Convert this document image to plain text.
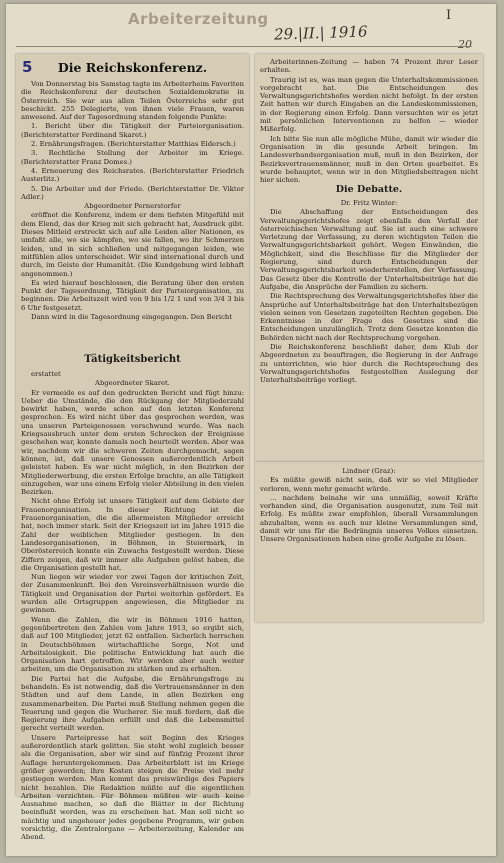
Arbeiterzeitung
29.|II.| 1916
I
20
5	Die Reichskonferenz.

Von Donnerstag bis Samstag tagte im Arbeiterheim Favoriten die Reichskonferenz der deutschen Sozialdemokratie in Österreich. Sie war aus allen Teilen Österreichs sehr gut beschickt. 255 Delegierte, von ihnen viele Frauen, waren anwesend. Auf der Tagesordnung standen folgende Punkte:

1. Bericht über die Tätigkeit der Parteiorganisation. (Berichterstatter Ferdinand Skaret.)

2. Ernährungsfragen. (Berichterstatter Matthias Eldersch.)

3. Rechtliche Stellung der Arbeiter im Kriege. (Berichterstatter Franz Domes.)

4. Erneuerung des Reichsrates. (Berichterstatter Friedrich Austerlitz.)

5. Die Arbeiter und der Friede. (Berichterstatter Dr. Viktor Adler.)

Abgeordneter Pernerstorfer

eröffnet die Konferenz, indem er dem tiefsten Mitgefühl mit dem Elend, das der Krieg mit sich gebracht hat, Ausdruck gibt. Dieses Mitleid erstreckt sich auf alle Leiden aller Nationen, es umfaßt alle, wo sie kämpfen, wo sie fallen, wo ihr Schmerzen leiden, und in sich schließen und mitgegangen leiden, wie mitfühlen alles unterscheidet. Wir sind international durch und durch, im Geiste der Humanität. (Die Kundgebung wird lebhaft angenommen.)

Es wird hierauf beschlossen, die Beratung über den ersten Punkt der Tagesordnung, Tätigkeit der Parteiorganisation, zu beginnen. Die Arbeitszeit wird von 9 bis 1/2 1 und von 3/4 3 bis 6 Uhr festgesetzt.

Dann wird in die Tagesordnung eingegangen. Den Bericht

Tätigkeitsbericht

erstattet

Abgeordneter Skaret.

Er vermeide es auf den gedruckten Bericht und fügt hinzu: Ueber die Umstände, die den Rückgang der Mitgliederzahl bewirkt haben, werde schon auf den letzten Konferenz gesprochen. Es wird nicht über das gesprochen werden, was uns unseren Parteigenossen verschwund wurde. Was nach Kriegsausbruch unter dem ersten Schrecken der Ereignisse geschehen war, konnte damals noch beurteilt werden. Aber was wir, nachdem wir die schweren Zeiten durchgemacht, sagen können, ist, daß unsere Genossen außerordentlich Arbeit geleistet haben. Es war nicht möglich, in den Bezirken der Mitgliederwerbung, die ersten Erfolge brachte, an alle Tätigkeit einzugehen, war uns einem Erfolg vieler Abteilung in den vielen Bezirken.

Nicht ohne Erfolg ist unsere Tätigkeit auf dem Gebiete der Frauenorganisation. In dieser Richtung ist die Frauenorganisation, die die allermeisten Mitglieder erreicht hat, noch immer stark. Seit der Kriegszeit ist im Jahre 1915 die Zahl der weiblichen Mitglieder gestiegen. In den Landesorganisationen, in Böhmen, in Steiermark, in Oberösterreich konnte ein Zuwachs festgestellt werden. Diese Ziffern zeigen, daß wir immer alle Aufgaben gelöst haben, die die Organisation gestellt hat.

Nun liegen wir wieder vor zwei Tagen der kritischen Zeit, der Zusammenkunft. Bei den Vereinsverhältnissen wurde die Tätigkeit und Organisation der Partei weiterhin gefördert. Es wurden alle Ortsgruppen angewiesen, die Mitglieder zu gewinnen.

Wenn die Zahlen, die wir in Böhmen 1916 hatten, gegenübertreten den Zahlen vom Jahre 1913, so ergibt sich, daß auf 100 Mitglieder, jetzt 62 entfallen. Sicherlich herrschen in Deutschböhmen wirtschaftliche Sorge, Not und Arbeitslosigkeit. Die politische Entwicklung hat auch die Organisation hart getroffen. Wir werden aber auch weiter arbeiten, um die Organisation zu stärken und zu erhalten.

Die Partei hat die Aufgabe, die Ernährungsfrage zu behandeln. Es ist notwendig, daß die Vertrauensmänner in den Städten und auf dem Lande, in allen Bezirken eng zusammenarbeiten. Die Partei muß Stellung nehmen gegen die Teuerung und gegen die Wucherer. Sie muß fordern, daß die Regierung ihre Aufgaben erfüllt und daß die Lebensmittel gerecht verteilt werden.

Unsere Parteipresse hat seit Beginn des Krieges außerordentlich stark gelitten. Sie steht wohl zugleich besser als die Organisation, aber wir sind auf fünfzig Prozent ihrer Auflage heruntergekommen. Das Arbeiterblatt ist im Kriege größer geworden; ihre Kosten steigen die Preise viel mehr gestiegen werden. Man kommt das preiswürdige des Papiers nicht bezahlen. Die Redaktion müßte auf die eigentlichen Arbeiten verzichten. Für Böhmen müßten wir auch keine Ausnahme machen, so daß die Blätter in der Richtung beeinflußt werden, was zu erscheinen hat. Man soll nicht so mächtig und ungeheuer jedes gegebene Programm, wir geben vorsichtig, die Zentralorgane — Arbeiterzeitung, Kalender am Abend.

Arbeiterinnen-Zeitung — haben 74 Prozent ihrer Leser erhalten.

Traurig ist es, was man gegen die Unterhaltskommissionen vorgebracht hat. Die Entscheidungen des Verwaltungsgerichtshofes werden nicht befolgt. In der ersten Zeit hatten wir durch Eingaben an die Landeskommissionen, in der Regierung einen Erfolg. Dann versuchten wir es jetzt mit persönlichen Interventionen zu helfen — wieder Mißerfolg.

Ich bitte Sie nun alle mögliche Mühe, damit wir wieder die Organisation in die gesunde Arbeit bringen. Im Landesverbandsorganisation muß, muß in den Bezirken, der Bezirksvertrauensmänner, muß in den Orten gearbeitet. Es wurde behauptet, wenn wir in den Mitgliedsbeitragen nicht hier sichen.

Die Debatte.
Dr. Fritz Winter:

Die Abschaffung der Entscheidungen des Verwaltungsgerichtshofes zeigt ebenfalls den Verfall der österreichischen Verwaltung auf. Sie ist auch eine schwere Verletzung der Verfassung, zu deren wichtigsten Teilen die Verwaltungsgerichtsbarkeit gehört. Wegen Einwänden, die Möglichkeit, sind die Beschlüsse für die Mitglieder der Regierung, sind durch Entscheidungen der Verwaltungsgerichtsbarkeit wiederherstellen, der Verfassung. Das Gesetz über die Kontrolle der Unterhaltsbeiträge hat die Aufgabe, die Ansprüche der Familien zu sichern.

Die Rechtsprechung des Verwaltungsgerichtshofes über die Ansprüche auf Unterhaltsbeiträge hat den Unterhaltsbezügen vielen seinen von Gesetzen zugeteilten Rechten gegeben. Die Erkenntnisse in der Frage des Gesetzes sind die Entscheidungen unzulänglich. Trotz dem Gesetze konnten die Behörden nicht nach der Rechtsprechung vorgehen.

Die Reichskonferenz beschließt daher, dem Klub der Abgeordneten zu beauftragen, die Regierung in der Anfrage zu unterrichten, wie hier durch die Rechtsprechung des Verwaltungsgerichtshofes festgestellten Auslegung der Unterhaltsbeiträge vorliegt.

Lindner (Graz):

Es müßte gewiß nicht sein, daß wir so viel Mitglieder verloren, wenn mehr gemacht würde.

... nachdem beinahe wir uns unmäßig, soweit Kräfte vorhanden sind, die Organisation ausgenutzt, zum Teil mit Erfolg. Es müßte zwar empfohlen, überall Versammlungen abzuhalten, wenn es auch nur kleine Versammlungen sind, damit wir uns für die Bedrängnis unseres Volkes einsetzen. Unsere Organisationen haben eine große Aufgabe zu lösen.
